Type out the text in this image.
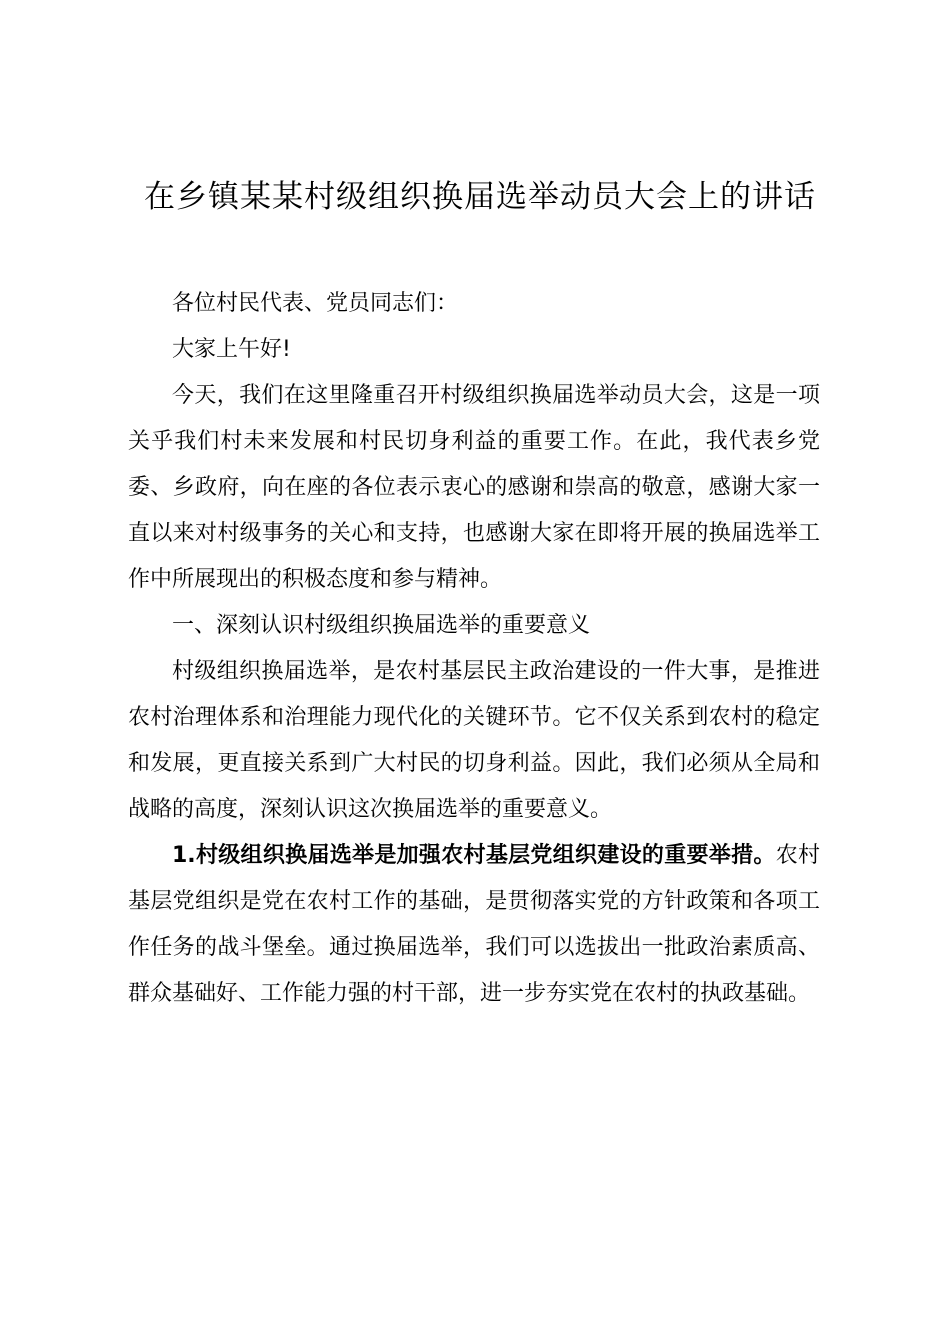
在乡镇某某村级组织换届选举动员大会上的讲话

各位村民代表、党员同志们：

大家上午好!

今天，我们在这里隆重召开村级组织换届选举动员大会，这是一项关乎我们村未来发展和村民切身利益的重要工作。在此，我代表乡党委、乡政府，向在座的各位表示衷心的感谢和崇高的敬意，感谢大家一直以来对村级事务的关心和支持，也感谢大家在即将开展的换届选举工作中所展现出的积极态度和参与精神。

一、深刻认识村级组织换届选举的重要意义

村级组织换届选举，是农村基层民主政治建设的一件大事，是推进农村治理体系和治理能力现代化的关键环节。它不仅关系到农村的稳定和发展，更直接关系到广大村民的切身利益。因此，我们必须从全局和战略的高度，深刻认识这次换届选举的重要意义。

1.村级组织换届选举是加强农村基层党组织建设的重要举措。农村基层党组织是党在农村工作的基础，是贯彻落实党的方针政策和各项工作任务的战斗堡垒。通过换届选举，我们可以选拔出一批政治素质高、群众基础好、工作能力强的村干部，进一步夯实党在农村的执政基础。
